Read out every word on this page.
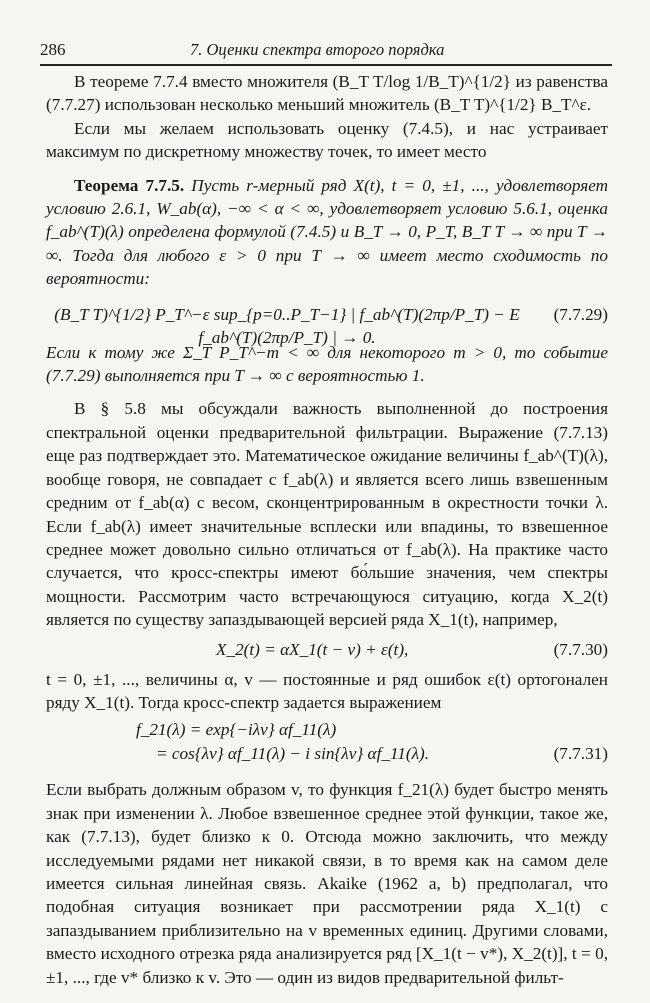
286	7. Оценки спектра второго порядка

В теореме 7.7.4 вместо множителя (B_T T/log 1/B_T)^{1/2} из равенства (7.7.27) использован несколько меньший множитель (B_T T)^{1/2} B_T^ε.

Если мы желаем использовать оценку (7.4.5), и нас устраивает максимум по дискретному множеству точек, то имеет место

Теорема 7.7.5. Пусть r-мерный ряд X(t), t = 0, ±1, ..., удовлетворяет условию 2.6.1, W_ab(α), −∞ < α < ∞, удовлетворяет условию 5.6.1, оценка f_ab^(T)(λ) определена формулой (7.4.5) и B_T → 0, P_T, B_T T → ∞ при T → ∞. Тогда для любого ε > 0 при T → ∞ имеет место сходимость по вероятности:

(B_T T)^{1/2} P_T^−ε sup_{p=0..P_T−1} | f_ab^(T)(2πp/P_T) − E f_ab^(T)(2πp/P_T) | → 0.
(7.7.29)

Если к тому же Σ_T P_T^−m < ∞ для некоторого m > 0, то событие (7.7.29) выполняется при T → ∞ с вероятностью 1.

В § 5.8 мы обсуждали важность выполненной до построения спектральной оценки предварительной фильтрации. Выражение (7.7.13) еще раз подтверждает это. Математическое ожидание величины f_ab^(T)(λ), вообще говоря, не совпадает с f_ab(λ) и является всего лишь взвешенным средним от f_ab(α) с весом, сконцентрированным в окрестности точки λ. Если f_ab(λ) имеет значительные всплески или впадины, то взвешенное среднее может довольно сильно отличаться от f_ab(λ). На практике часто случается, что кросс-спектры имеют бо́льшие значения, чем спектры мощности. Рассмотрим часто встречающуюся ситуацию, когда X_2(t) является по существу запаздывающей версией ряда X_1(t), например,

X_2(t) = αX_1(t − v) + ε(t),	(7.7.30)

t = 0, ±1, ..., величины α, v — постоянные и ряд ошибок ε(t) ортогонален ряду X_1(t). Тогда кросс-спектр задается выражением

f_21(λ) = exp{−iλv} αf_11(λ)
= cos{λv} αf_11(λ) − i sin{λv} αf_11(λ).	(7.7.31)

Если выбрать должным образом v, то функция f_21(λ) будет быстро менять знак при изменении λ. Любое взвешенное среднее этой функции, такое же, как (7.7.13), будет близко к 0. Отсюда можно заключить, что между исследуемыми рядами нет никакой связи, в то время как на самом деле имеется сильная линейная связь. Akaike (1962 a, b) предполагал, что подобная ситуация возникает при рассмотрении ряда X_1(t) с запаздыванием приблизительно на v временных единиц. Другими словами, вместо исходного отрезка ряда анализируется ряд [X_1(t − v*), X_2(t)], t = 0, ±1, ..., где v* близко к v. Это — один из видов предварительной фильт-
